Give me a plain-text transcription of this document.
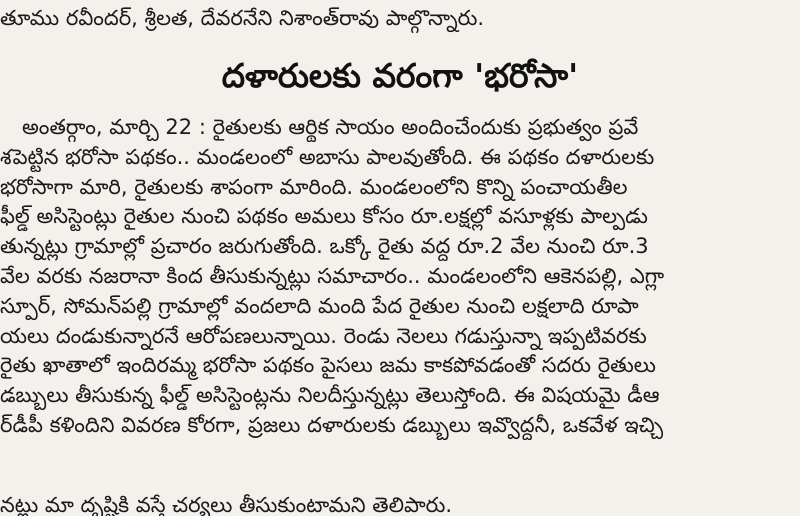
తూము రవీందర్, శ్రీలత, దేవరనేని నిశాంత్‌రావు పాల్గొన్నారు.
దళారులకు వరంగా 'భరోసా'
అంతర్గాం, మార్చి 22 : రైతులకు ఆర్థిక సాయం అందించేందుకు ప్రభుత్వం ప్రవే
శపెట్టిన భరోసా పథకం.. మండలంలో అబాసు పాలవుతోంది. ఈ పథకం దళారులకు
భరోసాగా మారి, రైతులకు శాపంగా మారింది. మండలంలోని కొన్ని పంచాయతీల
ఫీల్డ్ అసిస్టెంట్లు రైతుల నుంచి పథకం అమలు కోసం రూ.లక్షల్లో వసూళ్లకు పాల్పడు
తున్నట్లు గ్రామాల్లో ప్రచారం జరుగుతోంది. ఒక్కో రైతు వద్ద రూ.2 వేల నుంచి రూ.3
వేల వరకు నజరానా కింద తీసుకున్నట్లు సమాచారం.. మండలంలోని ఆకెనపల్లి, ఎగ్లా
స్పూర్, సోమన్‌పల్లి గ్రామాల్లో వందలాది మంది పేద రైతుల నుంచి లక్షలాది రూపా
యలు దండుకున్నారనే ఆరోపణలున్నాయి. రెండు నెలలు గడుస్తున్నా ఇప్పటివరకు
రైతు ఖాతాలో ఇందిరమ్మ భరోసా పథకం పైసలు జమ కాకపోవడంతో సదరు రైతులు
డబ్బులు తీసుకున్న ఫీల్డ్ అసిస్టెంట్లను నిలదీస్తున్నట్లు తెలుస్తోంది. ఈ విషయమై డీఆ
ర్‌డీపీ కళిందిని వివరణ కోరగా, ప్రజలు దళారులకు డబ్బులు ఇవ్వొద్దనీ, ఒకవేళ ఇచ్చి
నట్లు మా దృష్టికి వస్తే చర్యలు తీసుకుంటామని తెలిపారు.
